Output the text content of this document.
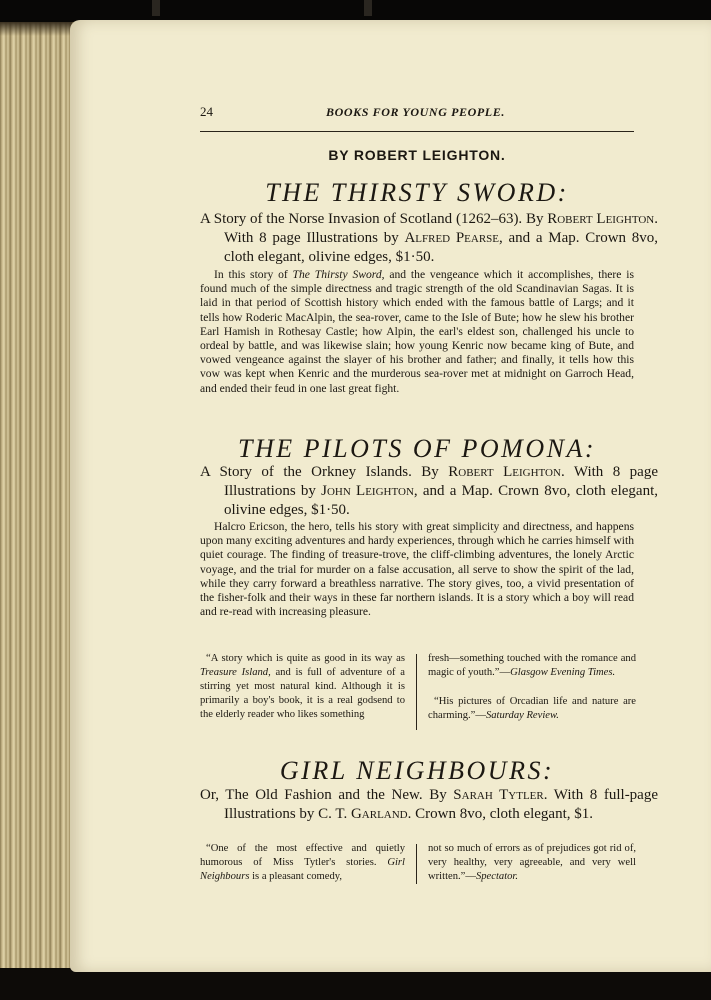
24	BOOKS FOR YOUNG PEOPLE.
BY ROBERT LEIGHTON.
THE THIRSTY SWORD:
A Story of the Norse Invasion of Scotland (1262–63). By Robert Leighton. With 8 page Illustrations by Alfred Pearse, and a Map. Crown 8vo, cloth elegant, olivine edges, $1·50.
In this story of The Thirsty Sword, and the vengeance which it accomplishes, there is found much of the simple directness and tragic strength of the old Scandinavian Sagas. It is laid in that period of Scottish history which ended with the famous battle of Largs; and it tells how Roderic MacAlpin, the sea-rover, came to the Isle of Bute; how he slew his brother Earl Hamish in Rothesay Castle; how Alpin, the earl's eldest son, challenged his uncle to ordeal by battle, and was likewise slain; how young Kenric now became king of Bute, and vowed vengeance against the slayer of his brother and father; and finally, it tells how this vow was kept when Kenric and the murderous sea-rover met at midnight on Garroch Head, and ended their feud in one last great fight.
THE PILOTS OF POMONA:
A Story of the Orkney Islands. By Robert Leighton. With 8 page Illustrations by John Leighton, and a Map. Crown 8vo, cloth elegant, olivine edges, $1·50.
Halcro Ericson, the hero, tells his story with great simplicity and directness, and happens upon many exciting adventures and hardy experiences, through which he carries himself with quiet courage. The finding of treasure-trove, the cliff-climbing adventures, the lonely Arctic voyage, and the trial for murder on a false accusation, all serve to show the spirit of the lad, while they carry forward a breathless narrative. The story gives, too, a vivid presentation of the fisher-folk and their ways in these far northern islands. It is a story which a boy will read and re-read with increasing pleasure.
“A story which is quite as good in its way as Treasure Island, and is full of adventure of a stirring yet most natural kind. Although it is primarily a boy's book, it is a real godsend to the elderly reader who likes something
fresh—something touched with the romance and magic of youth.”—Glasgow Evening Times.
“His pictures of Orcadian life and nature are charming.”—Saturday Review.
GIRL NEIGHBOURS:
Or, The Old Fashion and the New. By Sarah Tytler. With 8 full-page Illustrations by C. T. Garland. Crown 8vo, cloth elegant, $1.
“One of the most effective and quietly humorous of Miss Tytler's stories. Girl Neighbours is a pleasant comedy,
not so much of errors as of prejudices got rid of, very healthy, very agreeable, and very well written.”—Spectator.
